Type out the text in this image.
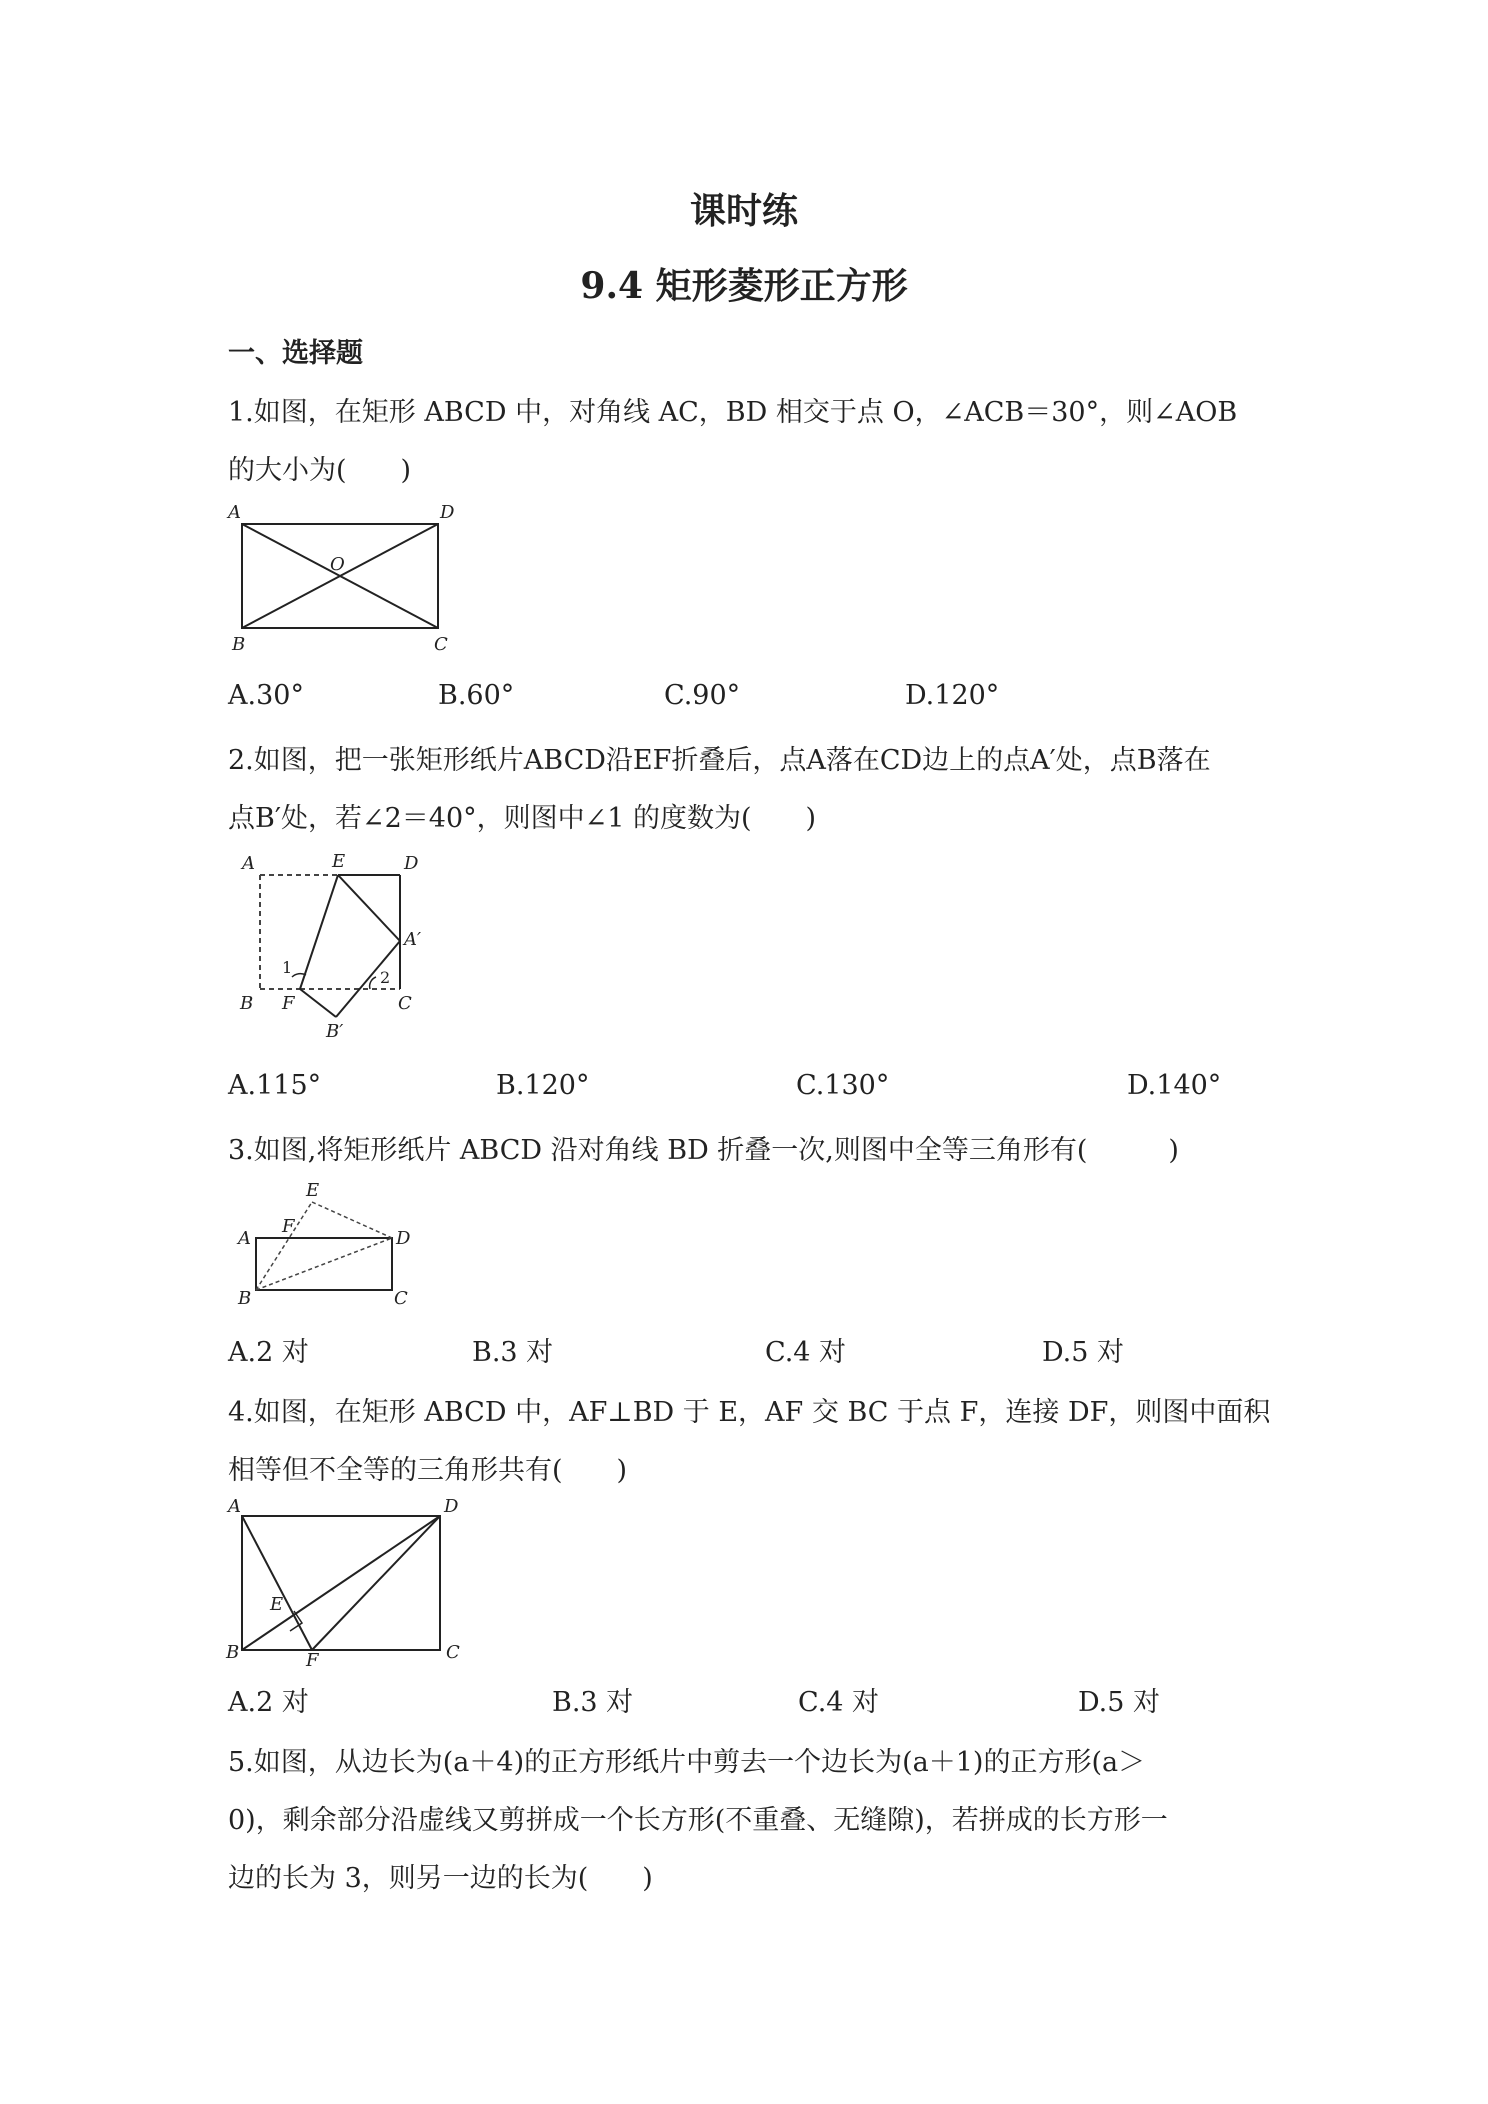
课时练
9.4 矩形菱形正方形
一、选择题
1.如图，在矩形 ABCD 中，对角线 AC，BD 相交于点 O，∠ACB＝30°，则∠AOB
的大小为(　　)
A	D
O
B	C
A.30°	B.60°	C.90°	D.120°
2.如图，把一张矩形纸片ABCD沿EF折叠后，点A落在CD边上的点A′处，点B落在
点B′处，若∠2＝40°，则图中∠1 的度数为(　　)
A	E	D
A′
1
2
B F	C
B′
A.115°	B.120°	C.130°	D.140°
3.如图,将矩形纸片 ABCD 沿对角线 BD 折叠一次,则图中全等三角形有(　　　)
E
A
F
D
B	C
A.2 对	B.3 对	C.4 对	D.5 对
4.如图，在矩形 ABCD 中，AF⊥BD 于 E，AF 交 BC 于点 F，连接 DF，则图中面积
相等但不全等的三角形共有(　　)
A	D
E
B	F	C
A.2 对	B.3 对	C.4 对	D.5 对
5.如图，从边长为(a＋4)的正方形纸片中剪去一个边长为(a＋1)的正方形(a＞
0)，剩余部分沿虚线又剪拼成一个长方形(不重叠、无缝隙)，若拼成的长方形一
边的长为 3，则另一边的长为(　　)
